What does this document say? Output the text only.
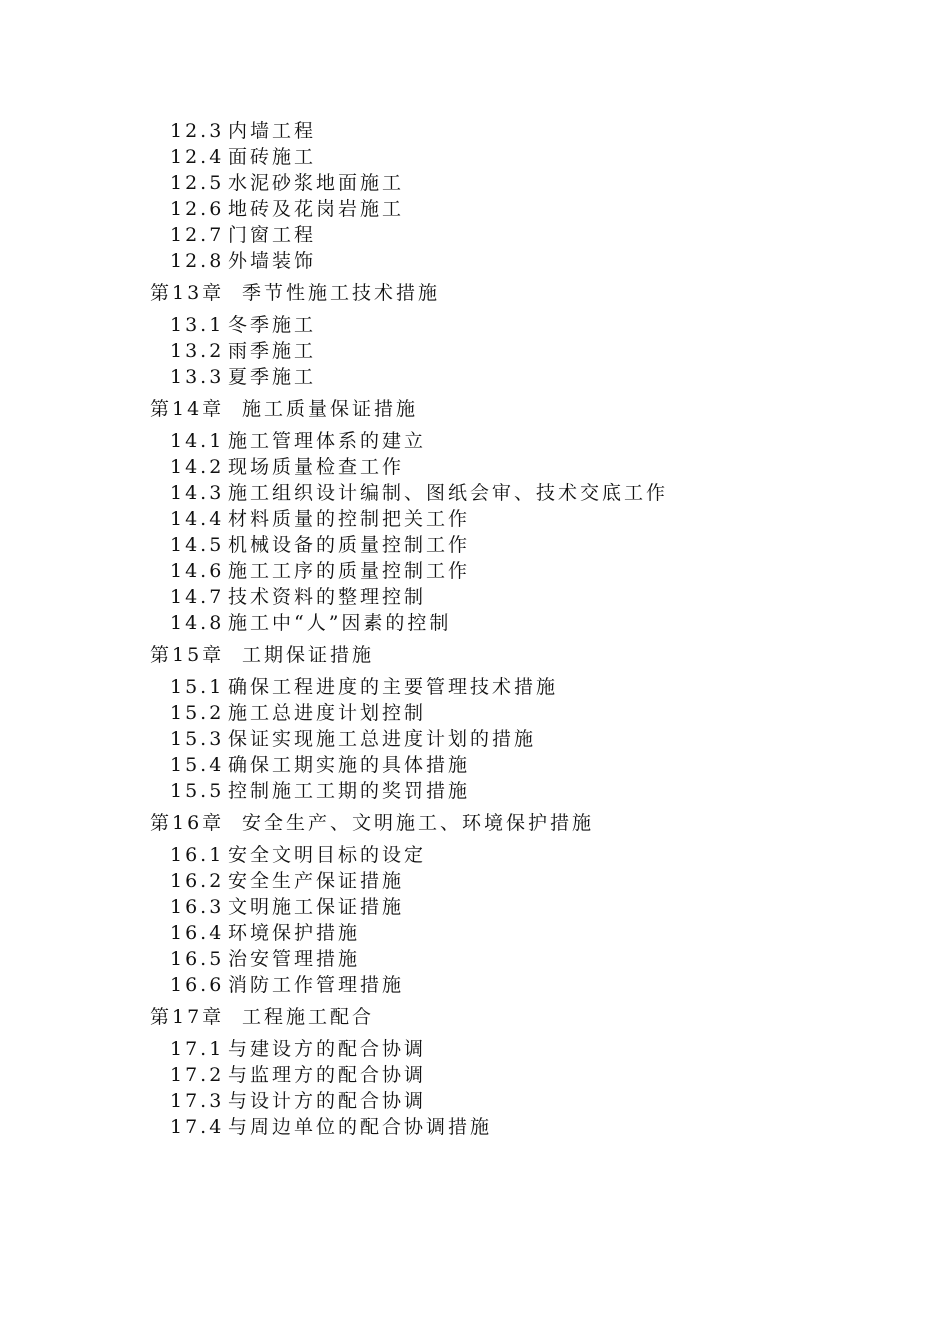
12.3 内墙工程
12.4 面砖施工
12.5 水泥砂浆地面施工
12.6 地砖及花岗岩施工
12.7 门窗工程
12.8 外墙装饰
第13章 季节性施工技术措施
13.1 冬季施工
13.2 雨季施工
13.3 夏季施工
第14章 施工质量保证措施
14.1 施工管理体系的建立
14.2 现场质量检查工作
14.3 施工组织设计编制、图纸会审、技术交底工作
14.4 材料质量的控制把关工作
14.5 机械设备的质量控制工作
14.6 施工工序的质量控制工作
14.7 技术资料的整理控制
14.8 施工中“人”因素的控制
第15章 工期保证措施
15.1 确保工程进度的主要管理技术措施
15.2 施工总进度计划控制
15.3 保证实现施工总进度计划的措施
15.4 确保工期实施的具体措施
15.5 控制施工工期的奖罚措施
第16章 安全生产、文明施工、环境保护措施
16.1 安全文明目标的设定
16.2 安全生产保证措施
16.3 文明施工保证措施
16.4 环境保护措施
16.5 治安管理措施
16.6 消防工作管理措施
第17章 工程施工配合
17.1 与建设方的配合协调
17.2 与监理方的配合协调
17.3 与设计方的配合协调
17.4 与周边单位的配合协调措施
